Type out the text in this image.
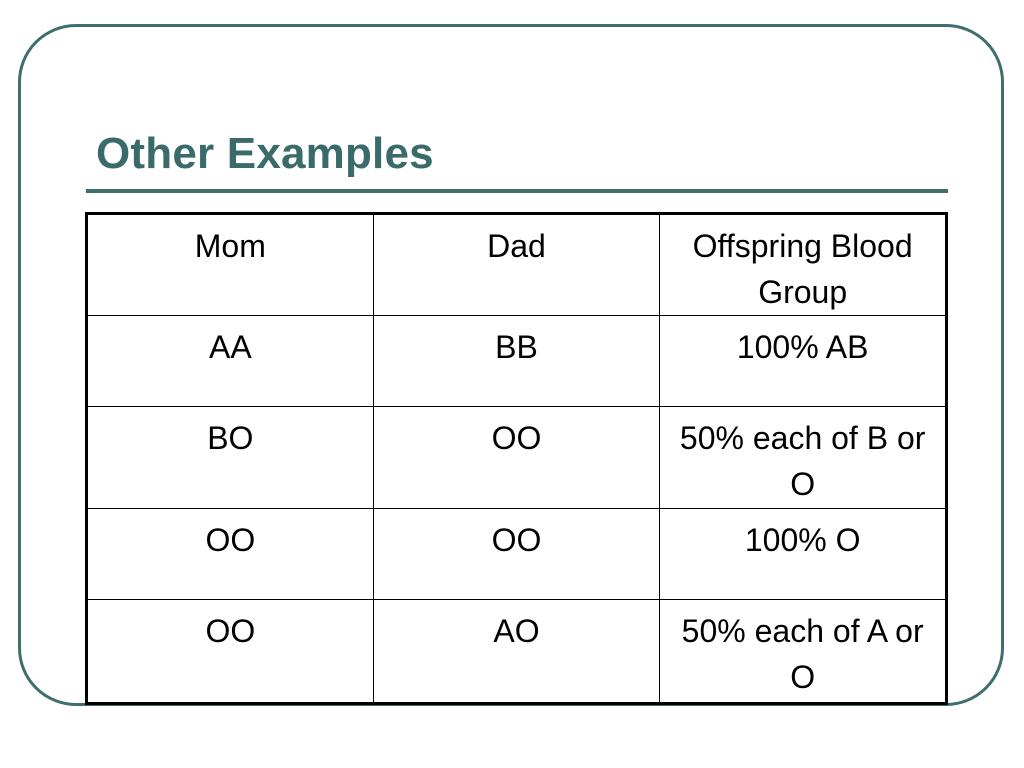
Other Examples
Mom	Dad	Offspring Blood Group
AA	BB	100% AB
BO	OO	50% each of B or O
OO	OO	100% O
OO	AO	50% each of A or O
